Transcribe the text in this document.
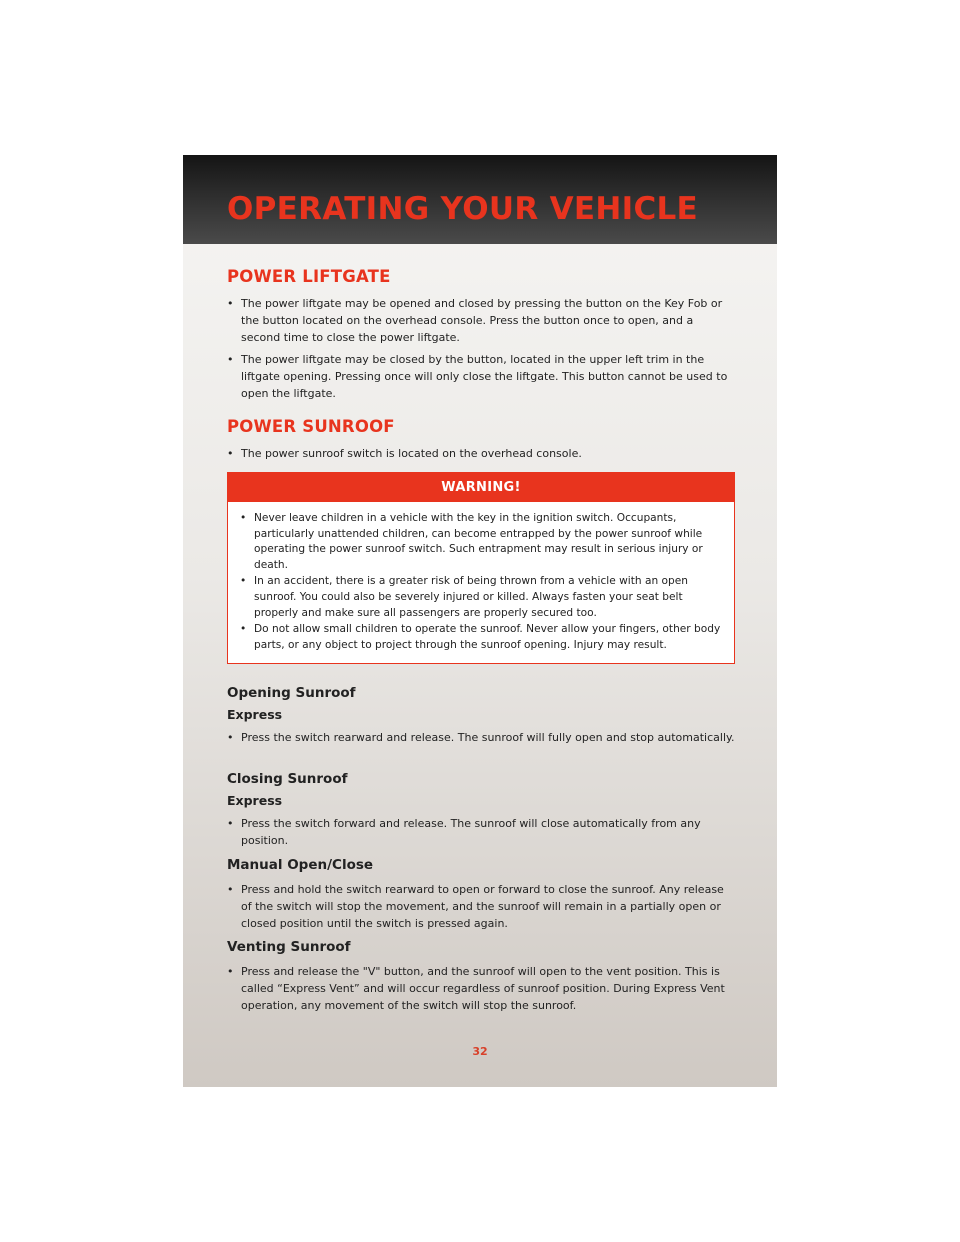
OPERATING YOUR VEHICLE
POWER LIFTGATE
• The power liftgate may be opened and closed by pressing the button on the Key Fob or the button located on the overhead console. Press the button once to open, and a second time to close the power liftgate.
• The power liftgate may be closed by the button, located in the upper left trim in the liftgate opening. Pressing once will only close the liftgate. This button cannot be used to open the liftgate.
POWER SUNROOF
• The power sunroof switch is located on the overhead console.
WARNING!
• Never leave children in a vehicle with the key in the ignition switch. Occupants, particularly unattended children, can become entrapped by the power sunroof while operating the power sunroof switch. Such entrapment may result in serious injury or death.
• In an accident, there is a greater risk of being thrown from a vehicle with an open sunroof. You could also be severely injured or killed. Always fasten your seat belt properly and make sure all passengers are properly secured too.
• Do not allow small children to operate the sunroof. Never allow your fingers, other body parts, or any object to project through the sunroof opening. Injury may result.
Opening Sunroof
Express
• Press the switch rearward and release. The sunroof will fully open and stop automatically.
Closing Sunroof
Express
• Press the switch forward and release. The sunroof will close automatically from any position.
Manual Open/Close
• Press and hold the switch rearward to open or forward to close the sunroof. Any release of the switch will stop the movement, and the sunroof will remain in a partially open or closed position until the switch is pressed again.
Venting Sunroof
• Press and release the "V" button, and the sunroof will open to the vent position. This is called “Express Vent” and will occur regardless of sunroof position. During Express Vent operation, any movement of the switch will stop the sunroof.
32
